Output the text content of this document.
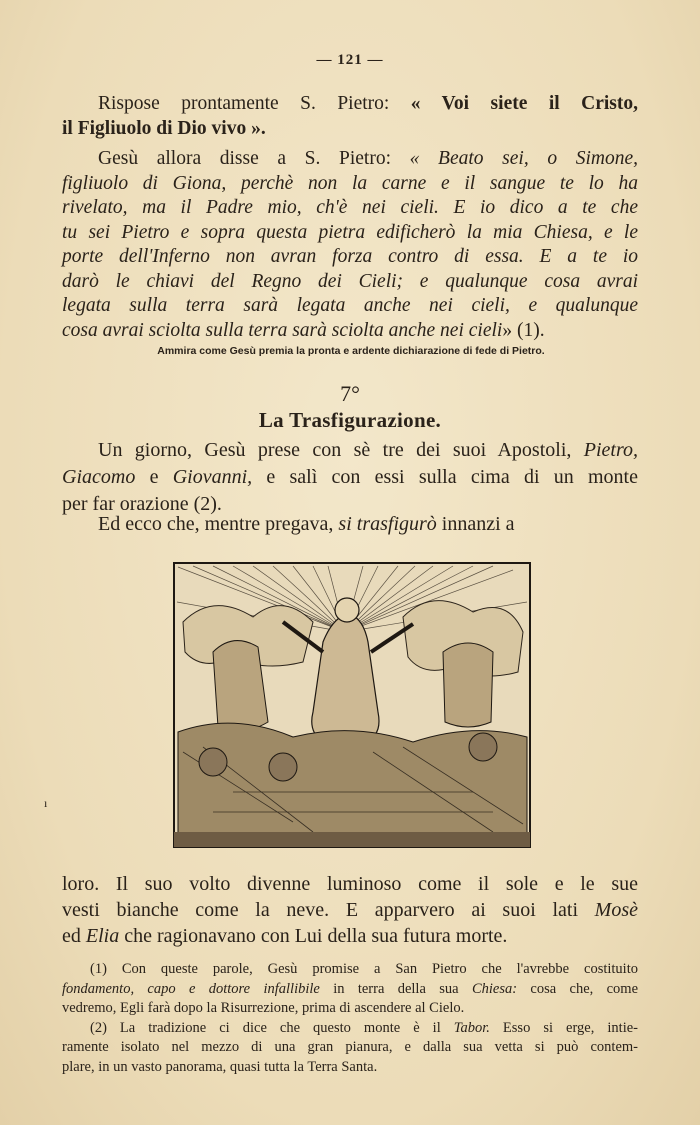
— 121 —
Rispose prontamente S. Pietro: « Voi siete il Cristo,
il Figliuolo di Dio vivo ».
Gesù allora disse a S. Pietro: « Beato sei, o Simone,
figliuolo di Giona, perchè non la carne e il sangue te lo ha
rivelato, ma il Padre mio, ch'è nei cieli. E io dico a te che
tu sei Pietro e sopra questa pietra edificherò la mia Chiesa, e le
porte dell'Inferno non avran forza contro di essa. E a te io
darò le chiavi del Regno dei Cieli; e qualunque cosa avrai
legata sulla terra sarà legata anche nei cieli, e qualunque
cosa avrai sciolta sulla terra sarà sciolta anche nei cieli» (1).
Ammira come Gesù premia la pronta e ardente dichiarazione di fede di Pietro.
7°
La Trasfigurazione.
Un giorno, Gesù prese con sè tre dei suoi Apostoli, Pietro,
Giacomo e Giovanni, e salì con essi sulla cima di un monte
per far orazione (2).
Ed ecco che, mentre pregava, si trasfigurò innanzi a
ı
loro. Il suo volto divenne luminoso come il sole e le sue
vesti bianche come la neve. E apparvero ai suoi lati Mosè
ed Elia che ragionavano con Lui della sua futura morte.
(1) Con queste parole, Gesù promise a San Pietro che l'avrebbe costituito
fondamento, capo e dottore infallibile in terra della sua Chiesa: cosa che, come
vedremo, Egli farà dopo la Risurrezione, prima di ascendere al Cielo.
(2) La tradizione ci dice che questo monte è il Tabor. Esso si erge, intie-
ramente isolato nel mezzo di una gran pianura, e dalla sua vetta si può contem-
plare, in un vasto panorama, quasi tutta la Terra Santa.
